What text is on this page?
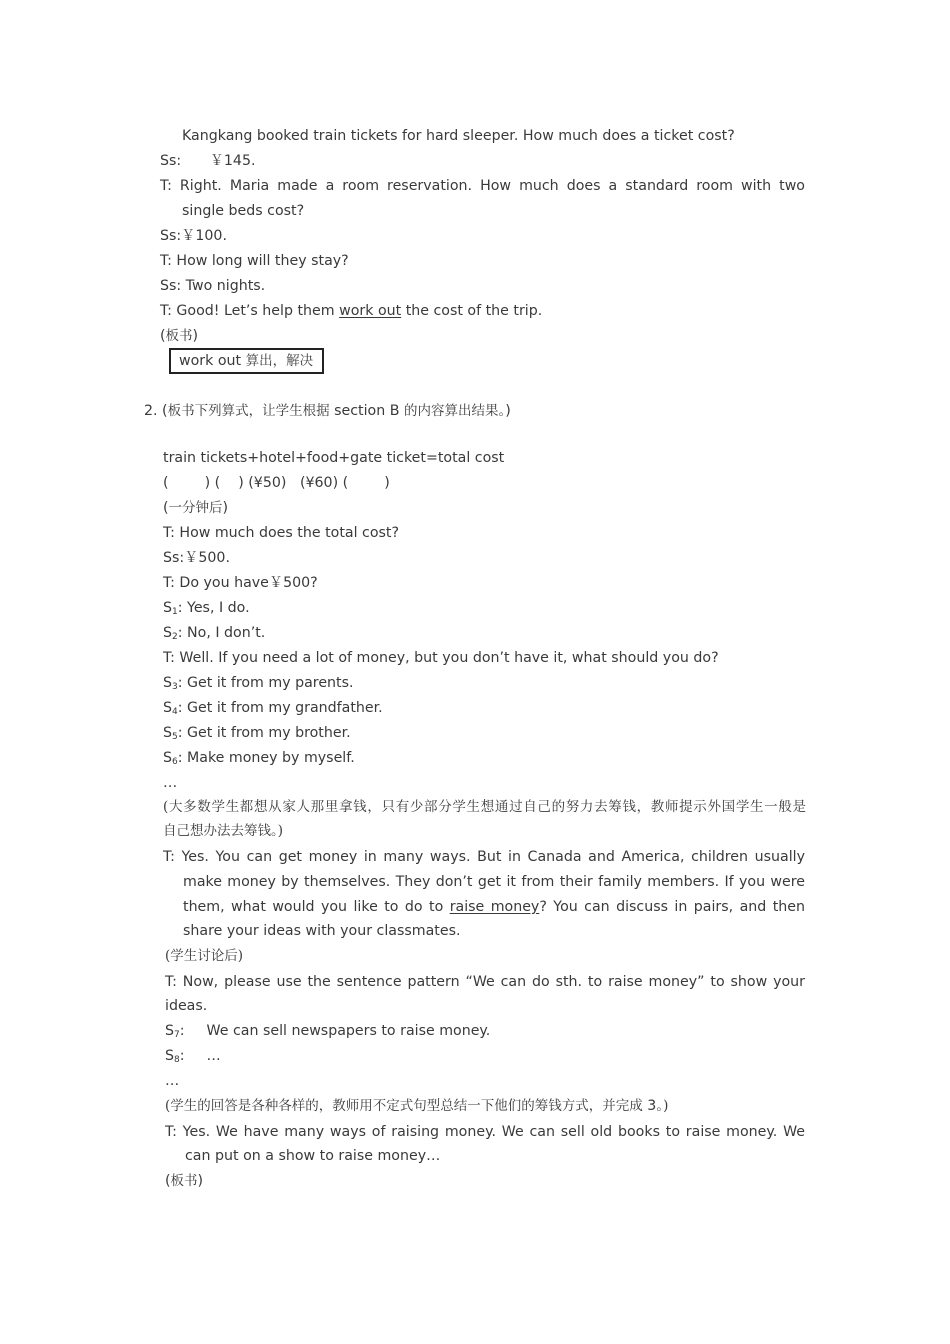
Kangkang booked train tickets for hard sleeper. How much does a ticket cost?
Ss: ￥145.
T: Right. Maria made a room reservation. How much does a standard room with two
single beds cost?
Ss:￥100.
T: How long will they stay?
Ss: Two nights.
T: Good! Let’s help them work out the cost of the trip.
(板书)
work out 算出，解决
2. (板书下列算式，让学生根据 section B 的内容算出结果。)
train tickets+hotel+food+gate ticket=total cost
(        ) (    ) (¥50)   (¥60) (        )
(一分钟后)
T: How much does the total cost?
Ss:￥500.
T: Do you have￥500?
$S_1$: Yes, I do.
$S_2$: No, I don’t.
T: Well. If you need a lot of money, but you don’t have it, what should you do?
$S_3$: Get it from my parents.
$S_4$: Get it from my grandfather.
$S_5$: Get it from my brother.
$S_6$: Make money by myself.
…
(大多数学生都想从家人那里拿钱，只有少部分学生想通过自己的努力去筹钱，教师提示外国学生一般是
自己想办法去筹钱。)
T: Yes. You can get money in many ways. But in Canada and America, children usually
make money by themselves. They don’t get it from their family members. If you were
them, what would you like to do to raise money? You can discuss in pairs, and then
share your ideas with your classmates.
(学生讨论后)
T: Now, please use the sentence pattern “We can do sth. to raise money” to show your
ideas.
$S_7$: We can sell newspapers to raise money.
$S_8$: …
…
(学生的回答是各种各样的，教师用不定式句型总结一下他们的筹钱方式，并完成 3。)
T: Yes. We have many ways of raising money. We can sell old books to raise money. We
can put on a show to raise money…
(板书)
